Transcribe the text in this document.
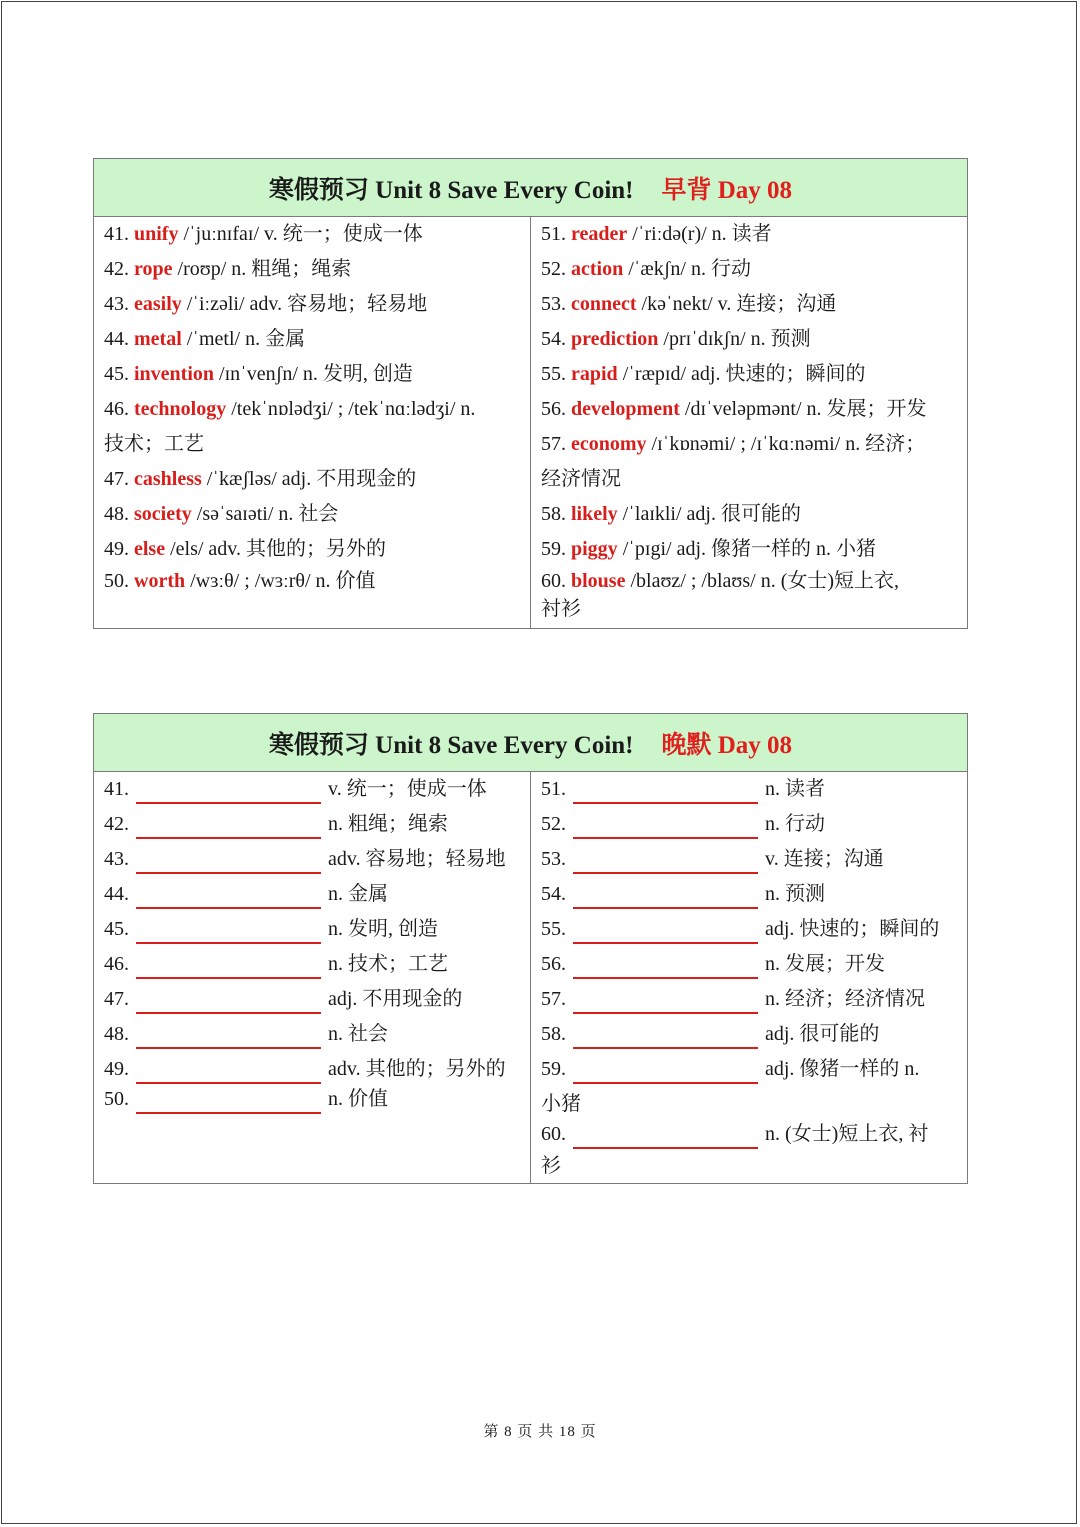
寒假预习 Unit 8 Save Every Coin! 早背 Day 08
41. unify /ˈjuːnɪfaɪ/ v. 统一；使成一体
42. rope /roʊp/ n. 粗绳；绳索
43. easily /ˈiːzəli/ adv. 容易地；轻易地
44. metal /ˈmetl/ n. 金属
45. invention /ɪnˈvenʃn/ n. 发明, 创造
46. technology /tekˈnɒlədʒi/ ; /tekˈnɑːlədʒi/ n.
技术；工艺
47. cashless /ˈkæʃləs/ adj. 不用现金的
48. society /səˈsaɪəti/ n. 社会
49. else /els/ adv. 其他的；另外的
50. worth /wɜːθ/ ; /wɜːrθ/ n. 价值
51. reader /ˈriːdə(r)/ n. 读者
52. action /ˈækʃn/ n. 行动
53. connect /kəˈnekt/ v. 连接；沟通
54. prediction /prɪˈdɪkʃn/ n. 预测
55. rapid /ˈræpɪd/ adj. 快速的；瞬间的
56. development /dɪˈveləpmənt/ n. 发展；开发
57. economy /ɪˈkɒnəmi/ ; /ɪˈkɑːnəmi/ n. 经济；
经济情况
58. likely /ˈlaɪkli/ adj. 很可能的
59. piggy /ˈpɪgi/ adj. 像猪一样的 n. 小猪
60. blouse /blaʊz/ ; /blaʊs/ n. (女士)短上衣,
衬衫
寒假预习 Unit 8 Save Every Coin! 晚默 Day 08
41.	v. 统一；使成一体
42.	n. 粗绳；绳索
43.	adv. 容易地；轻易地
44.	n. 金属
45.	n. 发明, 创造
46.	n. 技术；工艺
47.	adj. 不用现金的
48.	n. 社会
49.	adv. 其他的；另外的
50.	n. 价值
51.	n. 读者
52.	n. 行动
53.	v. 连接；沟通
54.	n. 预测
55.	adj. 快速的；瞬间的
56.	n. 发展；开发
57.	n. 经济；经济情况
58.	adj. 很可能的
59.	adj. 像猪一样的 n.
小猪
60.	n. (女士)短上衣, 衬
衫
第 8 页 共 18 页
